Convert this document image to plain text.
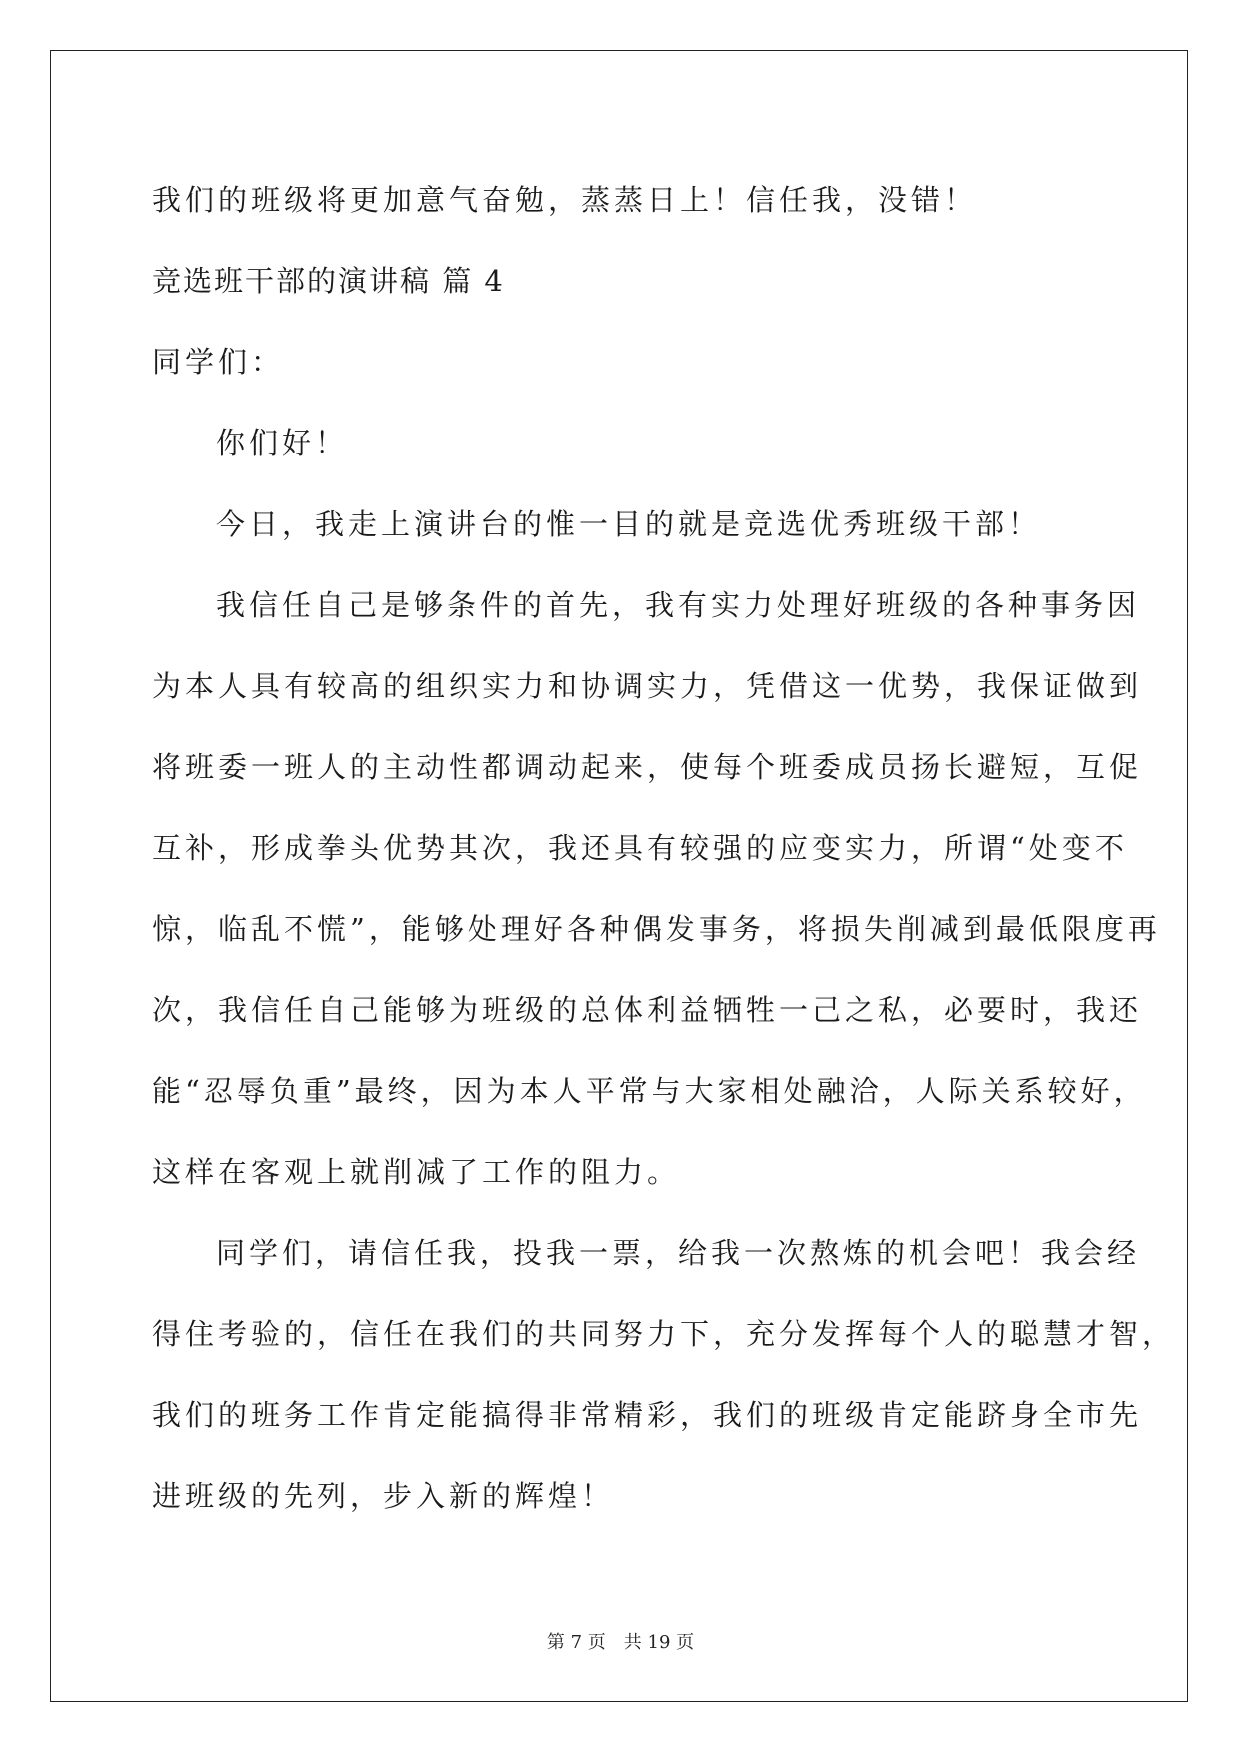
我们的班级将更加意气奋勉，蒸蒸日上！信任我，没错！

竞选班干部的演讲稿 篇 4

同学们：

你们好！

今日，我走上演讲台的惟一目的就是竞选优秀班级干部！

我信任自己是够条件的首先，我有实力处理好班级的各种事务因

为本人具有较高的组织实力和协调实力，凭借这一优势，我保证做到

将班委一班人的主动性都调动起来，使每个班委成员扬长避短，互促

互补，形成拳头优势其次，我还具有较强的应变实力，所谓“处变不

惊，临乱不慌”，能够处理好各种偶发事务，将损失削减到最低限度再

次，我信任自己能够为班级的总体利益牺牲一己之私，必要时，我还

能“忍辱负重”最终，因为本人平常与大家相处融洽，人际关系较好，

这样在客观上就削减了工作的阻力。

同学们，请信任我，投我一票，给我一次熬炼的机会吧！我会经

得住考验的，信任在我们的共同努力下，充分发挥每个人的聪慧才智，

我们的班务工作肯定能搞得非常精彩，我们的班级肯定能跻身全市先

进班级的先列，步入新的辉煌！

第 7 页 共 19 页
